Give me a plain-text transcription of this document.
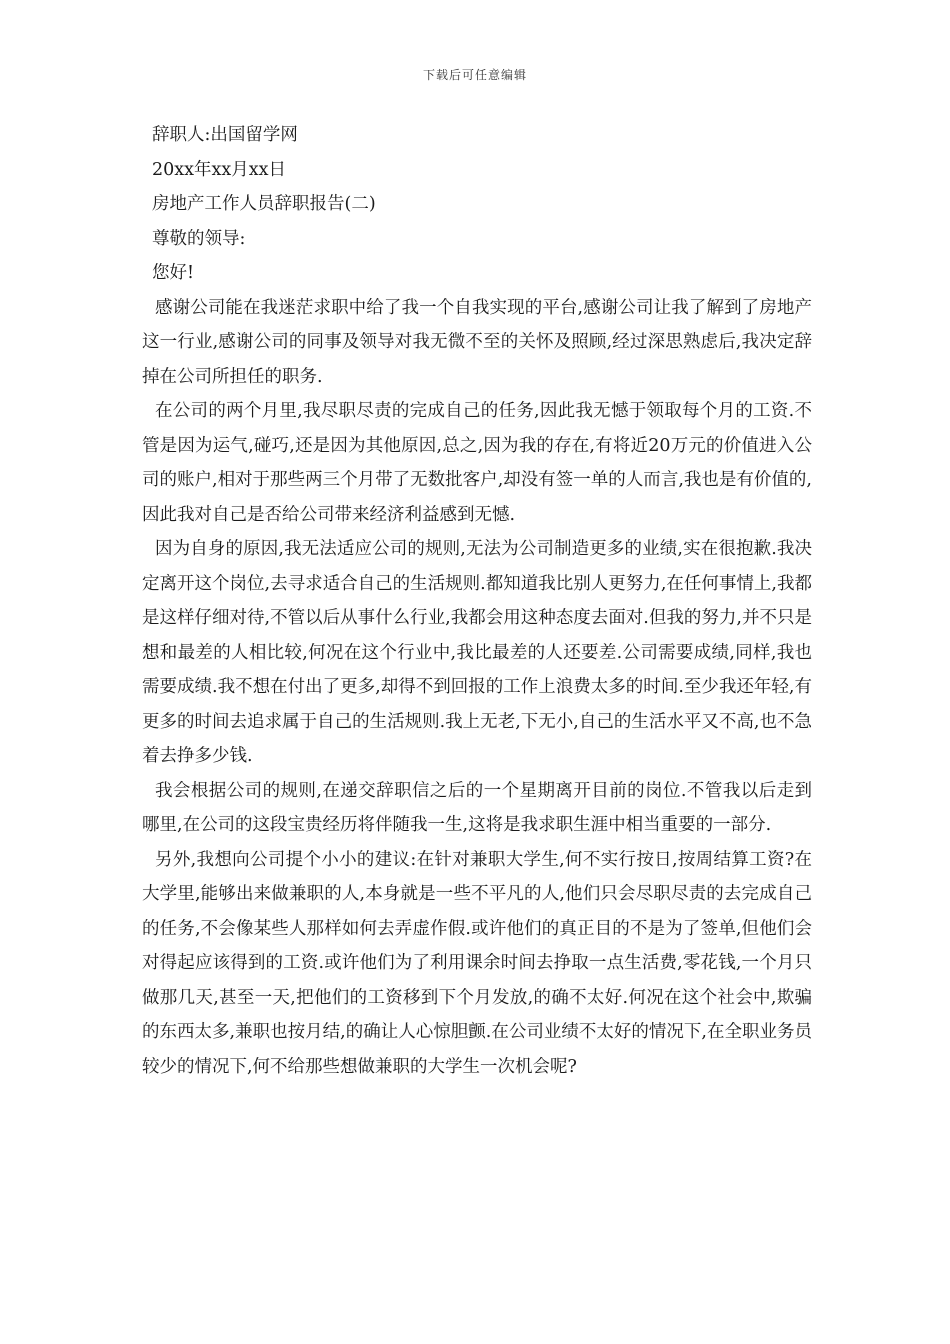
下载后可任意编辑

辞职人:出国留学网

20xx年xx月xx日

房地产工作人员辞职报告(二)

尊敬的领导:

您好!

感谢公司能在我迷茫求职中给了我一个自我实现的平台,感谢公司让我了解到了房地产这一行业,感谢公司的同事及领导对我无微不至的关怀及照顾,经过深思熟虑后,我决定辞掉在公司所担任的职务.

在公司的两个月里,我尽职尽责的完成自己的任务,因此我无憾于领取每个月的工资.不管是因为运气,碰巧,还是因为其他原因,总之,因为我的存在,有将近20万元的价值进入公司的账户,相对于那些两三个月带了无数批客户,却没有签一单的人而言,我也是有价值的,因此我对自己是否给公司带来经济利益感到无憾.

因为自身的原因,我无法适应公司的规则,无法为公司制造更多的业绩,实在很抱歉.我决定离开这个岗位,去寻求适合自己的生活规则.都知道我比别人更努力,在任何事情上,我都是这样仔细对待,不管以后从事什么行业,我都会用这种态度去面对.但我的努力,并不只是想和最差的人相比较,何况在这个行业中,我比最差的人还要差.公司需要成绩,同样,我也需要成绩.我不想在付出了更多,却得不到回报的工作上浪费太多的时间.至少我还年轻,有更多的时间去追求属于自己的生活规则.我上无老,下无小,自己的生活水平又不高,也不急着去挣多少钱.

我会根据公司的规则,在递交辞职信之后的一个星期离开目前的岗位.不管我以后走到哪里,在公司的这段宝贵经历将伴随我一生,这将是我求职生涯中相当重要的一部分.

另外,我想向公司提个小小的建议:在针对兼职大学生,何不实行按日,按周结算工资?在大学里,能够出来做兼职的人,本身就是一些不平凡的人,他们只会尽职尽责的去完成自己的任务,不会像某些人那样如何去弄虚作假.或许他们的真正目的不是为了签单,但他们会对得起应该得到的工资.或许他们为了利用课余时间去挣取一点生活费,零花钱,一个月只做那几天,甚至一天,把他们的工资移到下个月发放,的确不太好.何况在这个社会中,欺骗的东西太多,兼职也按月结,的确让人心惊胆颤.在公司业绩不太好的情况下,在全职业务员较少的情况下,何不给那些想做兼职的大学生一次机会呢?
